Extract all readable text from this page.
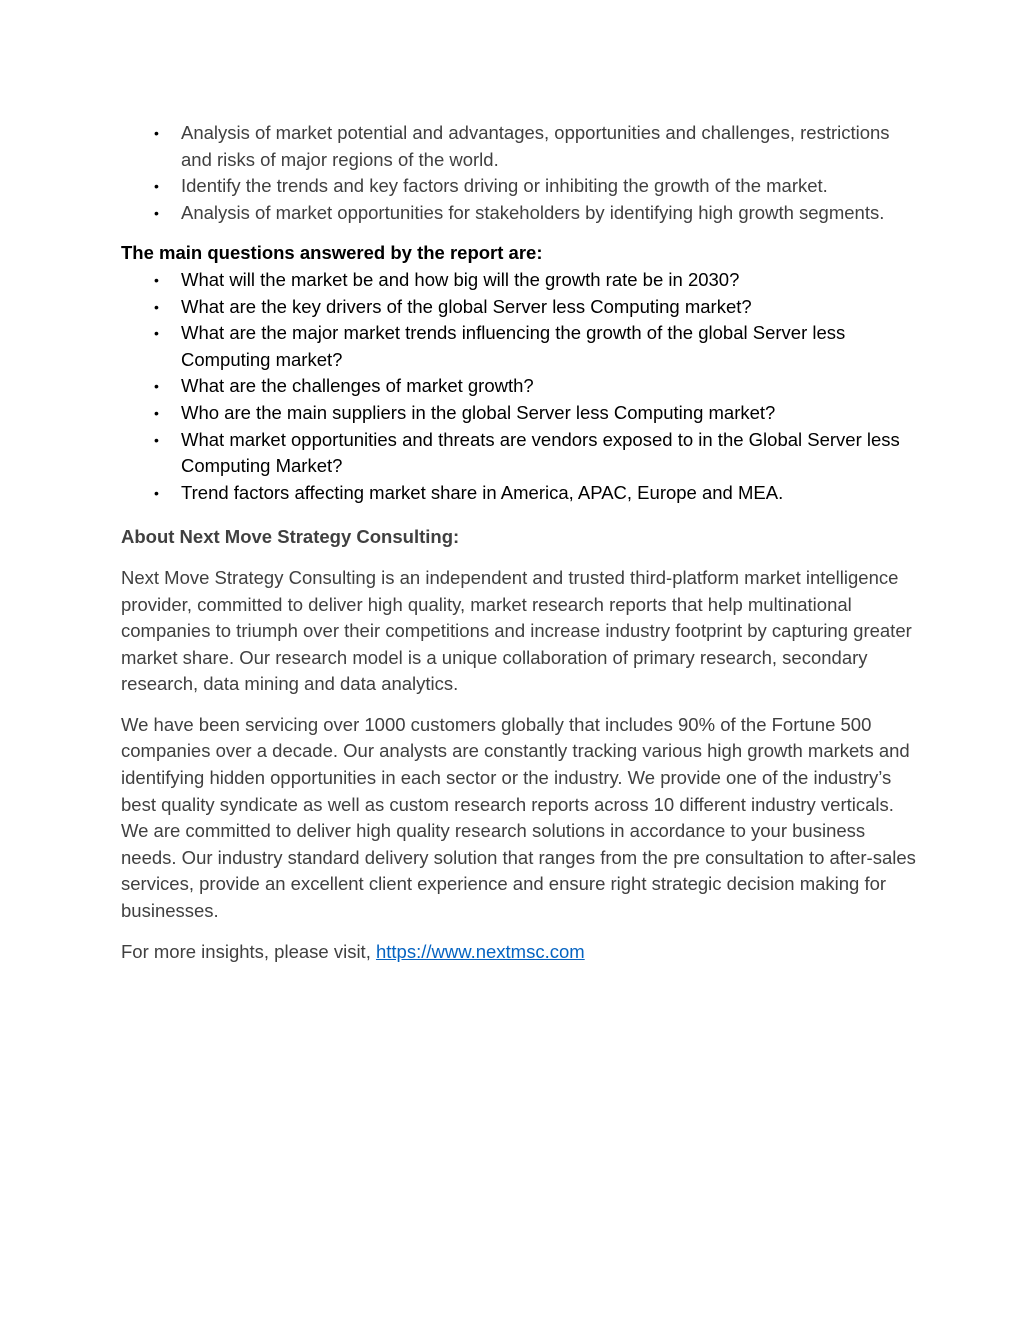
• Analysis of market potential and advantages, opportunities and challenges, restrictions and risks of major regions of the world.
• Identify the trends and key factors driving or inhibiting the growth of the market.
• Analysis of market opportunities for stakeholders by identifying high growth segments.
The main questions answered by the report are:
• What will the market be and how big will the growth rate be in 2030?
• What are the key drivers of the global Server less Computing market?
• What are the major market trends influencing the growth of the global Server less Computing market?
• What are the challenges of market growth?
• Who are the main suppliers in the global Server less Computing market?
• What market opportunities and threats are vendors exposed to in the Global Server less Computing Market?
• Trend factors affecting market share in America, APAC, Europe and MEA.
About Next Move Strategy Consulting:

Next Move Strategy Consulting is an independent and trusted third-platform market intelligence provider, committed to deliver high quality, market research reports that help multinational companies to triumph over their competitions and increase industry footprint by capturing greater market share. Our research model is a unique collaboration of primary research, secondary research, data mining and data analytics.

We have been servicing over 1000 customers globally that includes 90% of the Fortune 500 companies over a decade. Our analysts are constantly tracking various high growth markets and identifying hidden opportunities in each sector or the industry. We provide one of the industry’s best quality syndicate as well as custom research reports across 10 different industry verticals. We are committed to deliver high quality research solutions in accordance to your business needs. Our industry standard delivery solution that ranges from the pre consultation to after-sales services, provide an excellent client experience and ensure right strategic decision making for businesses.

For more insights, please visit, https://www.nextmsc.com
